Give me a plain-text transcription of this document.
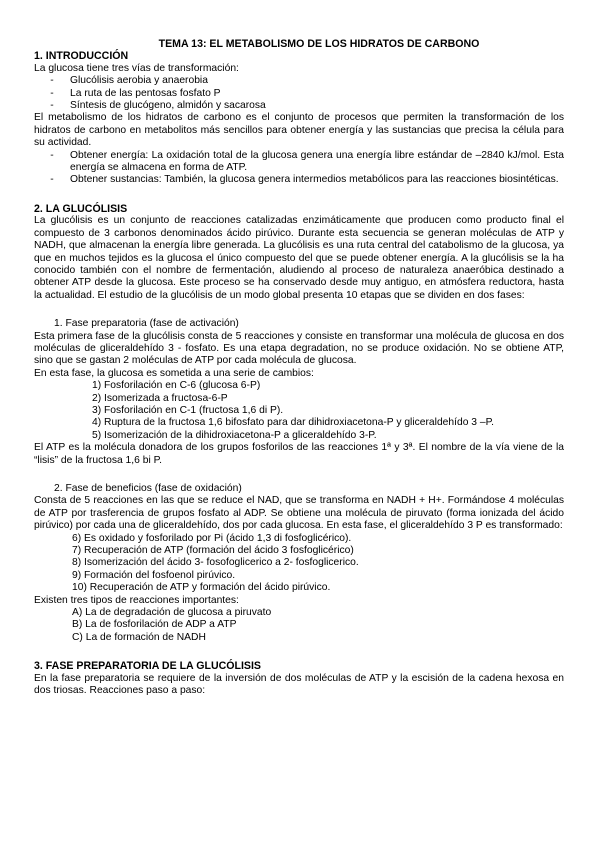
TEMA 13: EL METABOLISMO DE LOS HIDRATOS DE CARBONO

1. INTRODUCCIÓN

La glucosa tiene tres vías de transformación:

-	Glucólisis aerobia y anaerobia
-	La ruta de las pentosas fosfato P
-	Síntesis de glucógeno, almidón y sacarosa

El metabolismo de los hidratos de carbono es el conjunto de procesos que permiten la transformación de los hidratos de carbono en metabolitos más sencillos para obtener energía y las sustancias que precisa la célula para su actividad.

-	Obtener energía: La oxidación total de la glucosa genera una energía libre estándar de –2840 kJ/mol. Esta energía se almacena en forma de ATP.
-	Obtener sustancias: También, la glucosa genera intermedios metabólicos para las reacciones biosintéticas.

2. LA GLUCÓLISIS

La glucólisis es un conjunto de reacciones catalizadas enzimáticamente que producen como producto final el compuesto de 3 carbonos denominados ácido pirúvico. Durante esta secuencia se generan moléculas de ATP y NADH, que almacenan la energía libre generada. La glucólisis es una ruta central del catabolismo de la glucosa, ya que en muchos tejidos es la glucosa el único compuesto del que se puede obtener energía. A la glucólisis se la ha conocido también con el nombre de fermentación, aludiendo al proceso de naturaleza anaeróbica destinado a obtener ATP desde la glucosa. Este proceso se ha conservado desde muy antiguo, en atmósfera reductora, hasta la actualidad. El estudio de la glucólisis de un modo global presenta 10 etapas que se dividen en dos fases:

1. Fase preparatoria (fase de activación)

Esta primera fase de la glucólisis consta de 5 reacciones y consiste en transformar una molécula de glucosa en dos moléculas de gliceraldehído 3 - fosfato. Es una etapa degradation, no se produce oxidación. No se obtiene ATP, sino que se gastan 2 moléculas de ATP por cada molécula de glucosa.

En esta fase, la glucosa es sometida a una serie de cambios:

1) Fosforilación en C-6 (glucosa 6-P)

2) Isomerizada a fructosa-6-P

3) Fosforilación en C-1 (fructosa 1,6 di P).

4) Ruptura de la fructosa 1,6 bifosfato para dar dihidroxiacetona-P y gliceraldehído 3 –P.

5) Isomerización de la dihidroxiacetona-P a gliceraldehído 3-P.

El ATP es la molécula donadora de los grupos fosforilos de las reacciones 1ª y 3ª. El nombre de la vía viene de la “lisis” de la fructosa 1,6 bi P.

2. Fase de beneficios (fase de oxidación)

Consta de 5 reacciones en las que se reduce el NAD, que se transforma en NADH + H+. Formándose 4 moléculas de ATP por trasferencia de grupos fosfato al ADP. Se obtiene una molécula de piruvato (forma ionizada del ácido pirúvico) por cada una de gliceraldehído, dos por cada glucosa. En esta fase, el gliceraldehído 3 P es transformado:

6) Es oxidado y fosforilado por Pi (ácido 1,3 di fosfoglicérico).

7) Recuperación de ATP (formación del ácido 3 fosfoglicérico)

8) Isomerización del ácido 3- fosofoglicerico a 2- fosfoglicerico.

9) Formación del fosfoenol pirúvico.

10) Recuperación de ATP y formación del ácido pirúvico.

Existen tres tipos de reacciones importantes:

A) La de degradación de glucosa a piruvato

B) La de fosforilación de ADP a ATP

C) La de formación de NADH

3. FASE PREPARATORIA DE LA GLUCÓLISIS

En la fase preparatoria se requiere de la inversión de dos moléculas de ATP y la escisión de la cadena hexosa en dos triosas. Reacciones paso a paso:
